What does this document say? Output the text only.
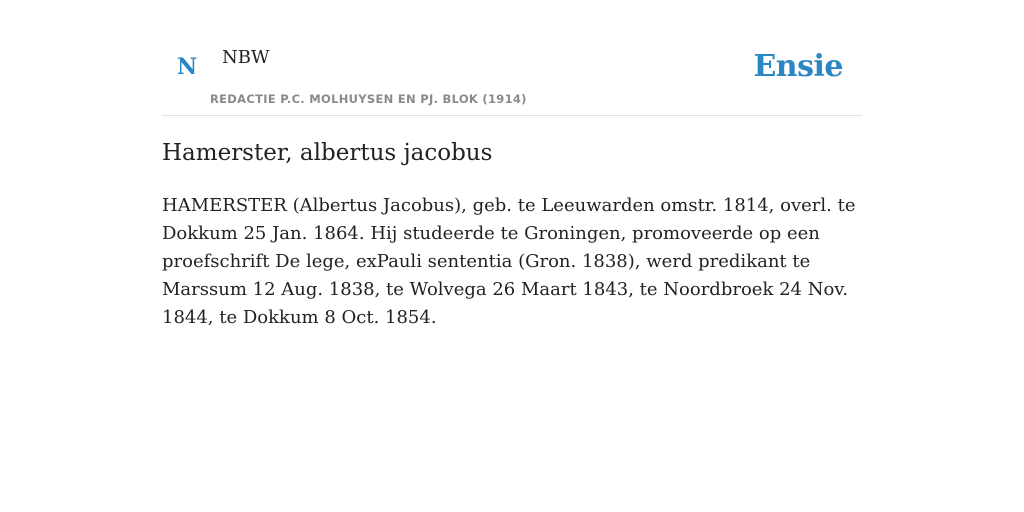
N NBW
REDACTIE P.C. MOLHUYSEN EN PJ. BLOK (1914)
Ensie
Hamerster, albertus jacobus

HAMERSTER (Albertus Jacobus), geb. te Leeuwarden omstr. 1814, overl. te Dokkum 25 Jan. 1864. Hij studeerde te Groningen, promoveerde op een proefschrift De lege, exPauli sententia (Gron. 1838), werd predikant te Marssum 12 Aug. 1838, te Wolvega 26 Maart 1843, te Noordbroek 24 Nov. 1844, te Dokkum 8 Oct. 1854.
